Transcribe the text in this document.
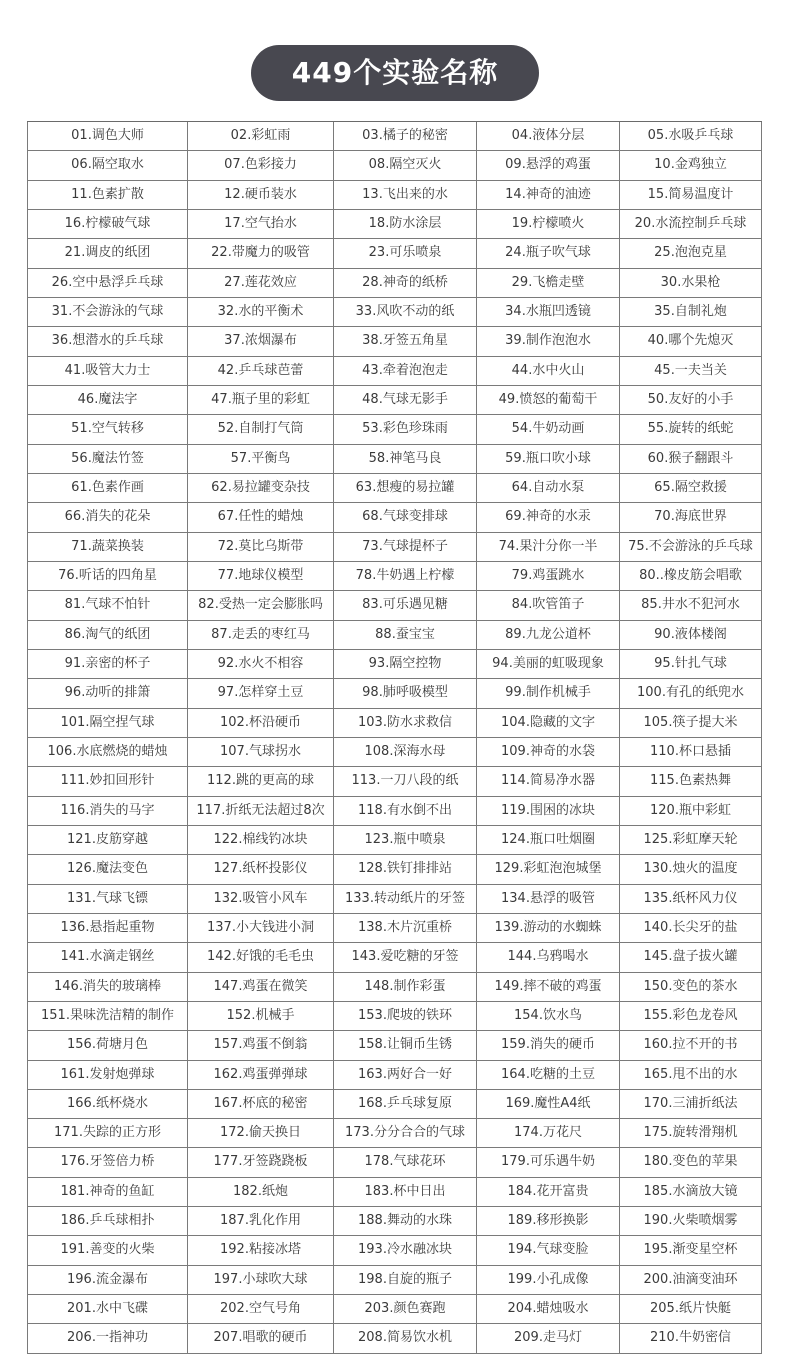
449个实验名称
01.调色大师	02.彩虹雨	03.橘子的秘密	04.液体分层	05.水吸乒乓球
06.隔空取水	07.色彩接力	08.隔空灭火	09.悬浮的鸡蛋	10.金鸡独立
11.色素扩散	12.硬币装水	13.飞出来的水	14.神奇的油迹	15.简易温度计
16.柠檬破气球	17.空气抬水	18.防水涂层	19.柠檬喷火	20.水流控制乒乓球
21.调皮的纸团	22.带魔力的吸管	23.可乐喷泉	24.瓶子吹气球	25.泡泡克星
26.空中悬浮乒乓球	27.莲花效应	28.神奇的纸桥	29.飞檐走壁	30.水果枪
31.不会游泳的气球	32.水的平衡术	33.风吹不动的纸	34.水瓶凹透镜	35.自制礼炮
36.想潜水的乒乓球	37.浓烟瀑布	38.牙签五角星	39.制作泡泡水	40.哪个先熄灭
41.吸管大力士	42.乒乓球芭蕾	43.牵着泡泡走	44.水中火山	45.一夫当关
46.魔法字	47.瓶子里的彩虹	48.气球无影手	49.愤怒的葡萄干	50.友好的小手
51.空气转移	52.自制打气筒	53.彩色珍珠雨	54.牛奶动画	55.旋转的纸蛇
56.魔法竹签	57.平衡鸟	58.神笔马良	59.瓶口吹小球	60.猴子翻跟斗
61.色素作画	62.易拉罐变杂技	63.想瘦的易拉罐	64.自动水泵	65.隔空救援
66.消失的花朵	67.任性的蜡烛	68.气球变排球	69.神奇的水汞	70.海底世界
71.蔬菜换装	72.莫比乌斯带	73.气球提杯子	74.果汁分你一半	75.不会游泳的乒乓球
76.听话的四角星	77.地球仪模型	78.牛奶遇上柠檬	79.鸡蛋跳水	80..橡皮筋会唱歌
81.气球不怕针	82.受热一定会膨胀吗	83.可乐遇见糖	84.吹管笛子	85.井水不犯河水
86.淘气的纸团	87.走丢的枣红马	88.蚕宝宝	89.九龙公道杯	90.液体楼阁
91.亲密的杯子	92.水火不相容	93.隔空控物	94.美丽的虹吸现象	95.针扎气球
96.动听的排箫	97.怎样穿土豆	98.肺呼吸模型	99.制作机械手	100.有孔的纸兜水
101.隔空捏气球	102.杯沿硬币	103.防水求救信	104.隐藏的文字	105.筷子提大米
106.水底燃烧的蜡烛	107.气球拐水	108.深海水母	109.神奇的水袋	110.杯口悬插
111.妙扣回形针	112.跳的更高的球	113.一刀八段的纸	114.简易净水器	115.色素热舞
116.消失的马字	117.折纸无法超过8次	118.有水倒不出	119.围困的冰块	120.瓶中彩虹
121.皮筋穿越	122.棉线钓冰块	123.瓶中喷泉	124.瓶口吐烟圈	125.彩虹摩天轮
126.魔法变色	127.纸杯投影仪	128.铁钉排排站	129.彩虹泡泡城堡	130.烛火的温度
131.气球飞镖	132.吸管小风车	133.转动纸片的牙签	134.悬浮的吸管	135.纸杯风力仪
136.悬指起重物	137.小大钱进小洞	138.木片沉重桥	139.游动的水蜘蛛	140.长尖牙的盐
141.水滴走钢丝	142.好饿的毛毛虫	143.爱吃糖的牙签	144.乌鸦喝水	145.盘子拔火罐
146.消失的玻璃棒	147.鸡蛋在微笑	148.制作彩蛋	149.摔不破的鸡蛋	150.变色的茶水
151.果味洗洁精的制作	152.机械手	153.爬坡的铁环	154.饮水鸟	155.彩色龙卷风
156.荷塘月色	157.鸡蛋不倒翁	158.让铜币生锈	159.消失的硬币	160.拉不开的书
161.发射炮弹球	162.鸡蛋弹弹球	163.两好合一好	164.吃糖的土豆	165.甩不出的水
166.纸杯烧水	167.杯底的秘密	168.乒乓球复原	169.魔性A4纸	170.三浦折纸法
171.失踪的正方形	172.偷天换日	173.分分合合的气球	174.万花尺	175.旋转滑翔机
176.牙签倍力桥	177.牙签跷跷板	178.气球花环	179.可乐遇牛奶	180.变色的苹果
181.神奇的鱼缸	182.纸炮	183.杯中日出	184.花开富贵	185.水滴放大镜
186.乒乓球相扑	187.乳化作用	188.舞动的水珠	189.移形换影	190.火柴喷烟雾
191.善变的火柴	192.粘接冰塔	193.冷水融冰块	194.气球变脸	195.渐变星空杯
196.流金瀑布	197.小球吹大球	198.自旋的瓶子	199.小孔成像	200.油滴变油环
201.水中飞碟	202.空气号角	203.颜色赛跑	204.蜡烛吸水	205.纸片快艇
206.一指神功	207.唱歌的硬币	208.简易饮水机	209.走马灯	210.牛奶密信
